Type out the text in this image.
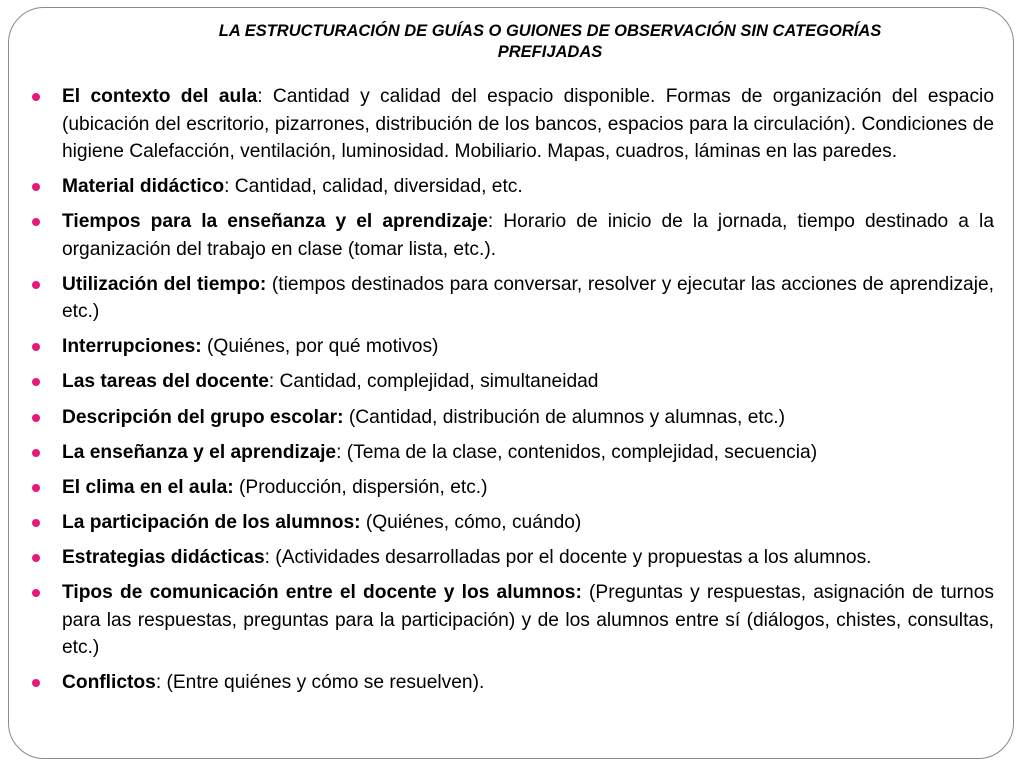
LA ESTRUCTURACIÓN DE GUÍAS O GUIONES DE OBSERVACIÓN SIN CATEGORÍAS
PREFIJADAS
El contexto del aula: Cantidad y calidad del espacio disponible. Formas de organización del espacio (ubicación del escritorio, pizarrones, distribución de los bancos, espacios para la circulación). Condiciones de higiene Calefacción, ventilación, luminosidad. Mobiliario. Mapas, cuadros, láminas en las paredes.
Material didáctico: Cantidad, calidad, diversidad, etc.
Tiempos para la enseñanza y el aprendizaje: Horario de inicio de la jornada, tiempo destinado a la organización del trabajo en clase (tomar lista, etc.).
Utilización del tiempo: (tiempos destinados para conversar, resolver y ejecutar las acciones de aprendizaje, etc.)
Interrupciones: (Quiénes, por qué motivos)
Las tareas del docente: Cantidad, complejidad, simultaneidad
Descripción del grupo escolar: (Cantidad, distribución de alumnos y alumnas, etc.)
La enseñanza y el aprendizaje: (Tema de la clase, contenidos, complejidad, secuencia)
El clima en el aula: (Producción, dispersión, etc.)
La participación de los alumnos: (Quiénes, cómo, cuándo)
Estrategias didácticas: (Actividades desarrolladas por el docente y propuestas a los alumnos.
Tipos de comunicación entre el docente y los alumnos: (Preguntas y respuestas, asignación de turnos para las respuestas, preguntas para la participación) y de los alumnos entre sí (diálogos, chistes, consultas, etc.)
Conflictos: (Entre quiénes y cómo se resuelven).
